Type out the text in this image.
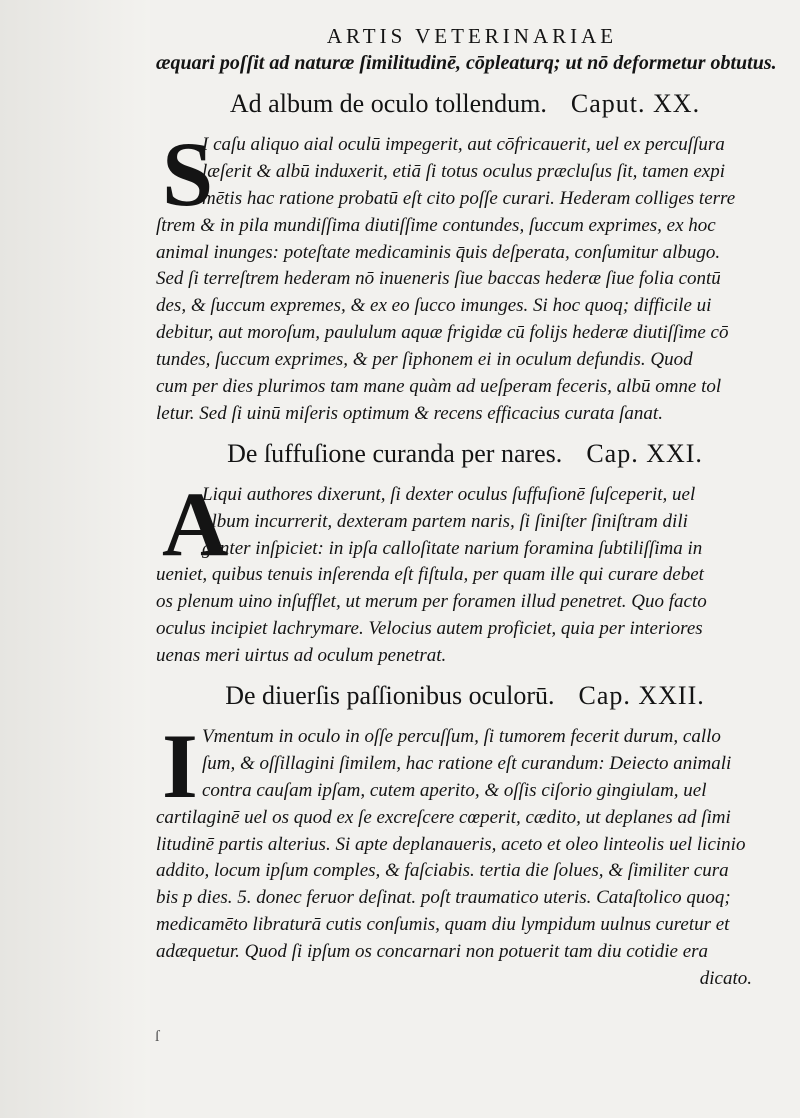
ARTIS VETERINARIAE
æquari poſſit ad naturæ ſimilitudinē, cōpleaturq; ut nō deformetur obtutus.
Ad album de oculo tollendum. Caput. XX.
S
I caſu aliquo aial oculū impegerit, aut cōfricauerit, uel ex percuſſura
læſerit & albū induxerit, etiā ſi totus oculus præcluſus ſit, tamen expi
mētis hac ratione probatū eſt cito poſſe curari. Hederam colliges terre
ſtrem & in pila mundiſſima diutiſſime contundes, ſuccum exprimes, ex hoc
animal inunges: poteſtate medicaminis q̄uis deſperata, conſumitur albugo.
Sed ſi terreſtrem hederam nō inueneris ſiue baccas hederæ ſiue folia contū
des, & ſuccum expremes, & ex eo ſucco imunges. Si hoc quoq; difficile ui
debitur, aut moroſum, paululum aquæ frigidæ cū folijs hederæ diutiſſime cō
tundes, ſuccum exprimes, & per ſiphonem ei in oculum defundis. Quod
cum per dies plurimos tam mane quàm ad ueſperam feceris, albū omne tol
letur. Sed ſi uinū miſeris optimum & recens efficacius curata ſanat.
De ſuffuſione curanda per nares. Cap. XXI.
A
Liqui authores dixerunt, ſi dexter oculus ſuffuſionē ſuſceperit, uel
album incurrerit, dexteram partem naris, ſi ſiniſter ſiniſtram dili
genter inſpiciet: in ipſa calloſitate narium foramina ſubtiliſſima in
ueniet, quibus tenuis inſerenda eſt fiſtula, per quam ille qui curare debet
os plenum uino inſufflet, ut merum per foramen illud penetret. Quo facto
oculus incipiet lachrymare. Velocius autem proficiet, quia per interiores
uenas meri uirtus ad oculum penetrat.
De diuerſis paſſionibus oculorū. Cap. XXII.
I Vmentum in oculo in oſſe percuſſum, ſi tumorem fecerit durum, callo
ſum, & oſſillagini ſimilem, hac ratione eſt curandum: Deiecto animali
contra cauſam ipſam, cutem aperito, & oſſis ciſorio gingiulam, uel
cartilaginē uel os quod ex ſe excreſcere cœperit, cædito, ut deplanes ad ſimi
litudinē partis alterius. Si apte deplanaueris, aceto et oleo linteolis uel licinio
addito, locum ipſum comples, & faſciabis. tertia die ſolues, & ſimiliter cura
bis p dies. 5. donec feruor deſinat. poſt traumatico uteris. Cataſtolico quoq;
medicamēto libraturā cutis conſumis, quam diu lympidum uulnus curetur et
adæquetur. Quod ſi ipſum os concarnari non potuerit tam diu cotidie era
dicato.
ſ
